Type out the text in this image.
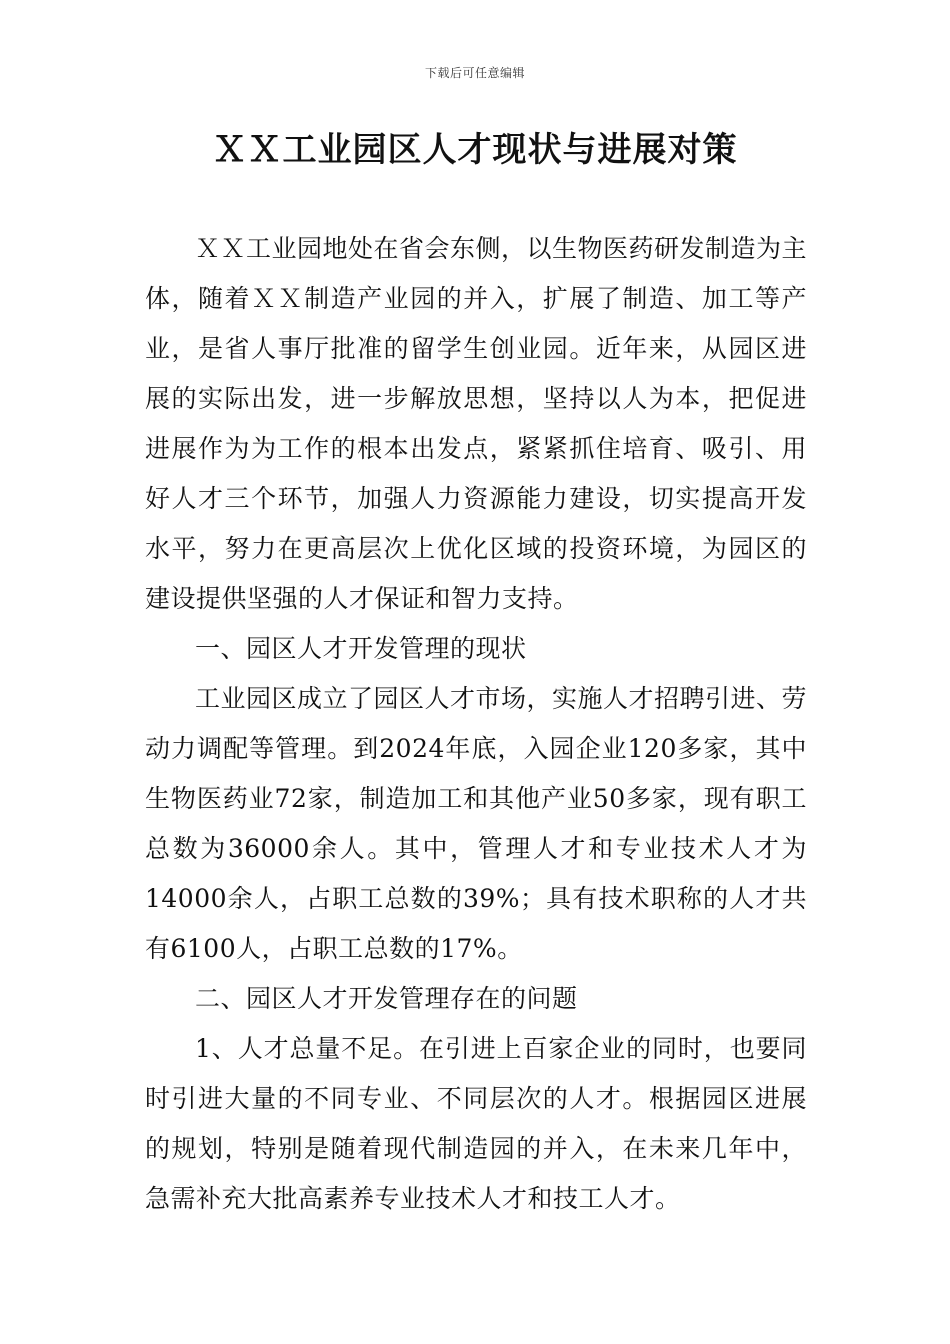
下载后可任意编辑
ＸＸ工业园区人才现状与进展对策

ＸＸ工业园地处在省会东侧，以生物医药研发制造为主体，随着ＸＸ制造产业园的并入，扩展了制造、加工等产业，是省人事厅批准的留学生创业园。近年来，从园区进展的实际出发，进一步解放思想，坚持以人为本，把促进进展作为为工作的根本出发点，紧紧抓住培育、吸引、用好人才三个环节，加强人力资源能力建设，切实提高开发水平，努力在更高层次上优化区域的投资环境，为园区的建设提供坚强的人才保证和智力支持。

一、园区人才开发管理的现状

工业园区成立了园区人才市场，实施人才招聘引进、劳动力调配等管理。到2024年底，入园企业120多家，其中生物医药业72家，制造加工和其他产业50多家，现有职工总数为36000余人。其中，管理人才和专业技术人才为14000余人，占职工总数的39%；具有技术职称的人才共有6100人，占职工总数的17%。

二、园区人才开发管理存在的问题

1、人才总量不足。在引进上百家企业的同时，也要同时引进大量的不同专业、不同层次的人才。根据园区进展的规划，特别是随着现代制造园的并入，在未来几年中，急需补充大批高素养专业技术人才和技工人才。
